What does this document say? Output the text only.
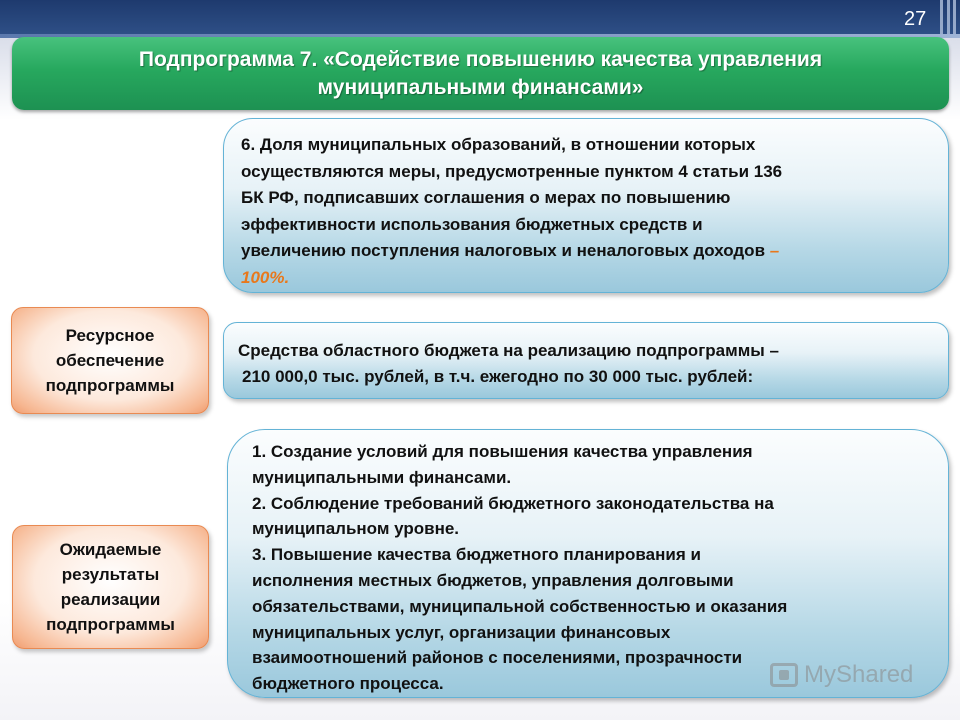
27
Подпрограмма 7. «Содействие повышению качества управления
муниципальными финансами»
6. Доля муниципальных образований, в отношении которых
осуществляются меры, предусмотренные пунктом 4 статьи 136
БК РФ, подписавших соглашения о мерах по повышению
эффективности использования бюджетных средств и
увеличению поступления налоговых и неналоговых доходов –
100%.
Ресурсное
обеспечение
подпрограммы
Средства областного бюджета на реализацию подпрограммы –
210 000,0 тыс. рублей, в т.ч. ежегодно по 30 000 тыс. рублей:
Ожидаемые
результаты
реализации
подпрограммы
1. Создание условий для повышения качества управления
муниципальными финансами.
2. Соблюдение требований бюджетного законодательства на
муниципальном уровне.
3. Повышение качества бюджетного планирования и
исполнения местных бюджетов, управления долговыми
обязательствами, муниципальной собственностью и оказания
муниципальных услуг, организации финансовых
взаимоотношений районов с поселениями, прозрачности
бюджетного процесса.	MyShared
